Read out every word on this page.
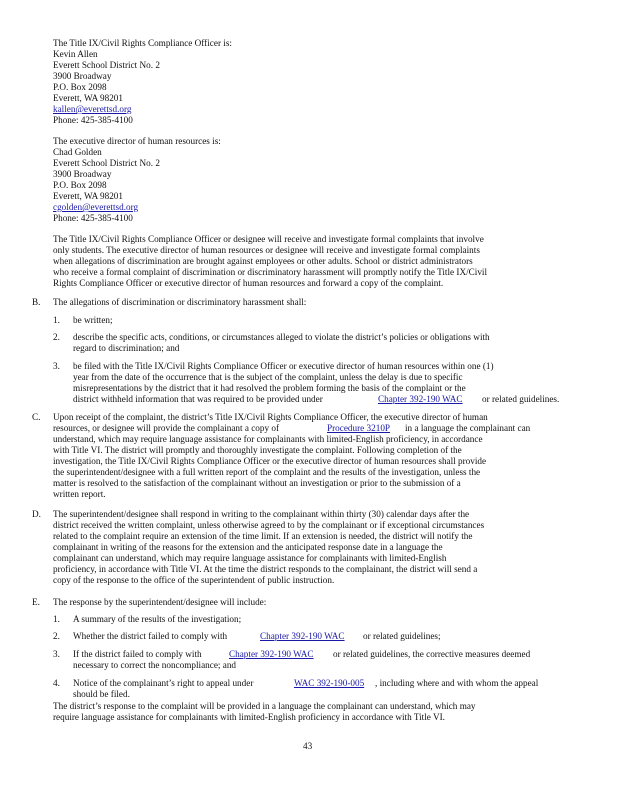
The Title IX/Civil Rights Compliance Officer is:
Kevin Allen
Everett School District No. 2
3900 Broadway
P.O. Box 2098
Everett, WA 98201
kallen@everettsd.org
Phone: 425-385-4100
The executive director of human resources is:
Chad Golden
Everett School District No. 2
3900 Broadway
P.O. Box 2098
Everett, WA 98201
cgolden@everettsd.org
Phone: 425-385-4100
The Title IX/Civil Rights Compliance Officer or designee will receive and investigate formal complaints that involve
only students. The executive director of human resources or designee will receive and investigate formal complaints
when allegations of discrimination are brought against employees or other adults. School or district administrators
who receive a formal complaint of discrimination or discriminatory harassment will promptly notify the Title IX/Civil
Rights Compliance Officer or executive director of human resources and forward a copy of the complaint.
B. The allegations of discrimination or discriminatory harassment shall:
1. be written;
2. describe the specific acts, conditions, or circumstances alleged to violate the district’s policies or obligations with
regard to discrimination; and
3. be filed with the Title IX/Civil Rights Compliance Officer or executive director of human resources within one (1)
year from the date of the occurrence that is the subject of the complaint, unless the delay is due to specific
misrepresentations by the district that it had resolved the problem forming the basis of the complaint or the
district withheld information that was required to be provided under	Chapter 392-190 WAC or related guidelines.
C. Upon receipt of the complaint, the district’s Title IX/Civil Rights Compliance Officer, the executive director of human
resources, or designee will provide the complainant a copy of	Procedure 3210P in a language the complainant can
understand, which may require language assistance for complainants with limited-English proficiency, in accordance
with Title VI. The district will promptly and thoroughly investigate the complaint. Following completion of the
investigation, the Title IX/Civil Rights Compliance Officer or the executive director of human resources shall provide
the superintendent/designee with a full written report of the complaint and the results of the investigation, unless the
matter is resolved to the satisfaction of the complainant without an investigation or prior to the submission of a
written report.
D. The superintendent/designee shall respond in writing to the complainant within thirty (30) calendar days after the
district received the written complaint, unless otherwise agreed to by the complainant or if exceptional circumstances
related to the complaint require an extension of the time limit. If an extension is needed, the district will notify the
complainant in writing of the reasons for the extension and the anticipated response date in a language the
complainant can understand, which may require language assistance for complainants with limited-English
proficiency, in accordance with Title VI. At the time the district responds to the complainant, the district will send a
copy of the response to the office of the superintendent of public instruction.
E. The response by the superintendent/designee will include:
1. A summary of the results of the investigation;
2. Whether the district failed to comply with	Chapter 392-190 WAC or related guidelines;
3. If the district failed to comply with	Chapter 392-190 WAC or related guidelines, the corrective measures deemed
necessary to correct the noncompliance; and
4. Notice of the complainant’s right to appeal under	WAC 392-190-005 , including where and with whom the appeal
should be filed.
The district’s response to the complaint will be provided in a language the complainant can understand, which may
require language assistance for complainants with limited-English proficiency in accordance with Title VI.
43
